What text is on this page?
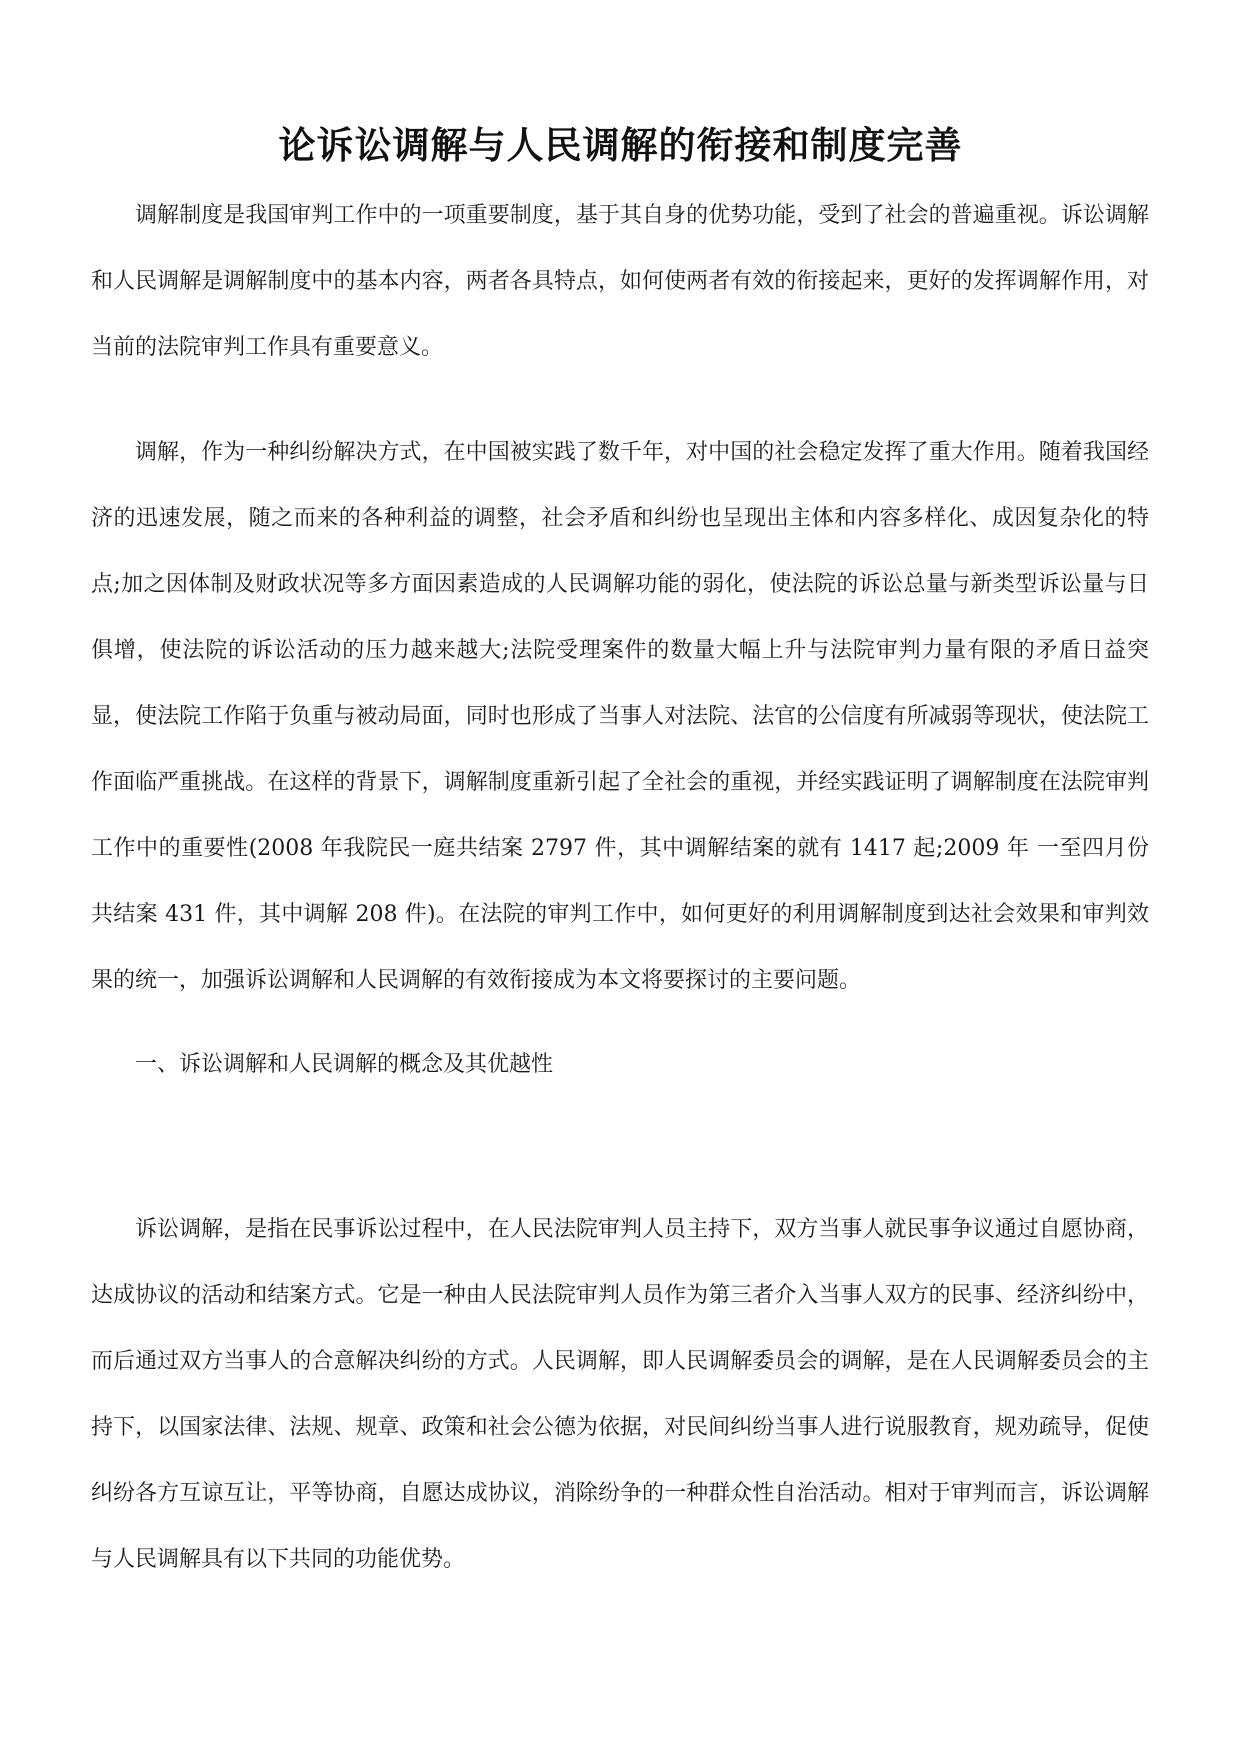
论诉讼调解与人民调解的衔接和制度完善

调解制度是我国审判工作中的一项重要制度，基于其自身的优势功能，受到了社会的普遍重视。诉讼调解和人民调解是调解制度中的基本内容，两者各具特点，如何使两者有效的衔接起来，更好的发挥调解作用，对当前的法院审判工作具有重要意义。

调解，作为一种纠纷解决方式，在中国被实践了数千年，对中国的社会稳定发挥了重大作用。随着我国经济的迅速发展，随之而来的各种利益的调整，社会矛盾和纠纷也呈现出主体和内容多样化、成因复杂化的特点;加之因体制及财政状况等多方面因素造成的人民调解功能的弱化，使法院的诉讼总量与新类型诉讼量与日俱增，使法院的诉讼活动的压力越来越大;法院受理案件的数量大幅上升与法院审判力量有限的矛盾日益突显，使法院工作陷于负重与被动局面，同时也形成了当事人对法院、法官的公信度有所减弱等现状，使法院工作面临严重挑战。在这样的背景下，调解制度重新引起了全社会的重视，并经实践证明了调解制度在法院审判工作中的重要性(2008 年我院民一庭共结案 2797 件，其中调解结案的就有 1417 起;2009 年 一至四月份共结案 431 件，其中调解 208 件)。在法院的审判工作中，如何更好的利用调解制度到达社会效果和审判效果的统一，加强诉讼调解和人民调解的有效衔接成为本文将要探讨的主要问题。

一、诉讼调解和人民调解的概念及其优越性

诉讼调解，是指在民事诉讼过程中，在人民法院审判人员主持下，双方当事人就民事争议通过自愿协商，达成协议的活动和结案方式。它是一种由人民法院审判人员作为第三者介入当事人双方的民事、经济纠纷中，而后通过双方当事人的合意解决纠纷的方式。人民调解，即人民调解委员会的调解，是在人民调解委员会的主持下，以国家法律、法规、规章、政策和社会公德为依据，对民间纠纷当事人进行说服教育，规劝疏导，促使纠纷各方互谅互让，平等协商，自愿达成协议，消除纷争的一种群众性自治活动。相对于审判而言，诉讼调解与人民调解具有以下共同的功能优势。
